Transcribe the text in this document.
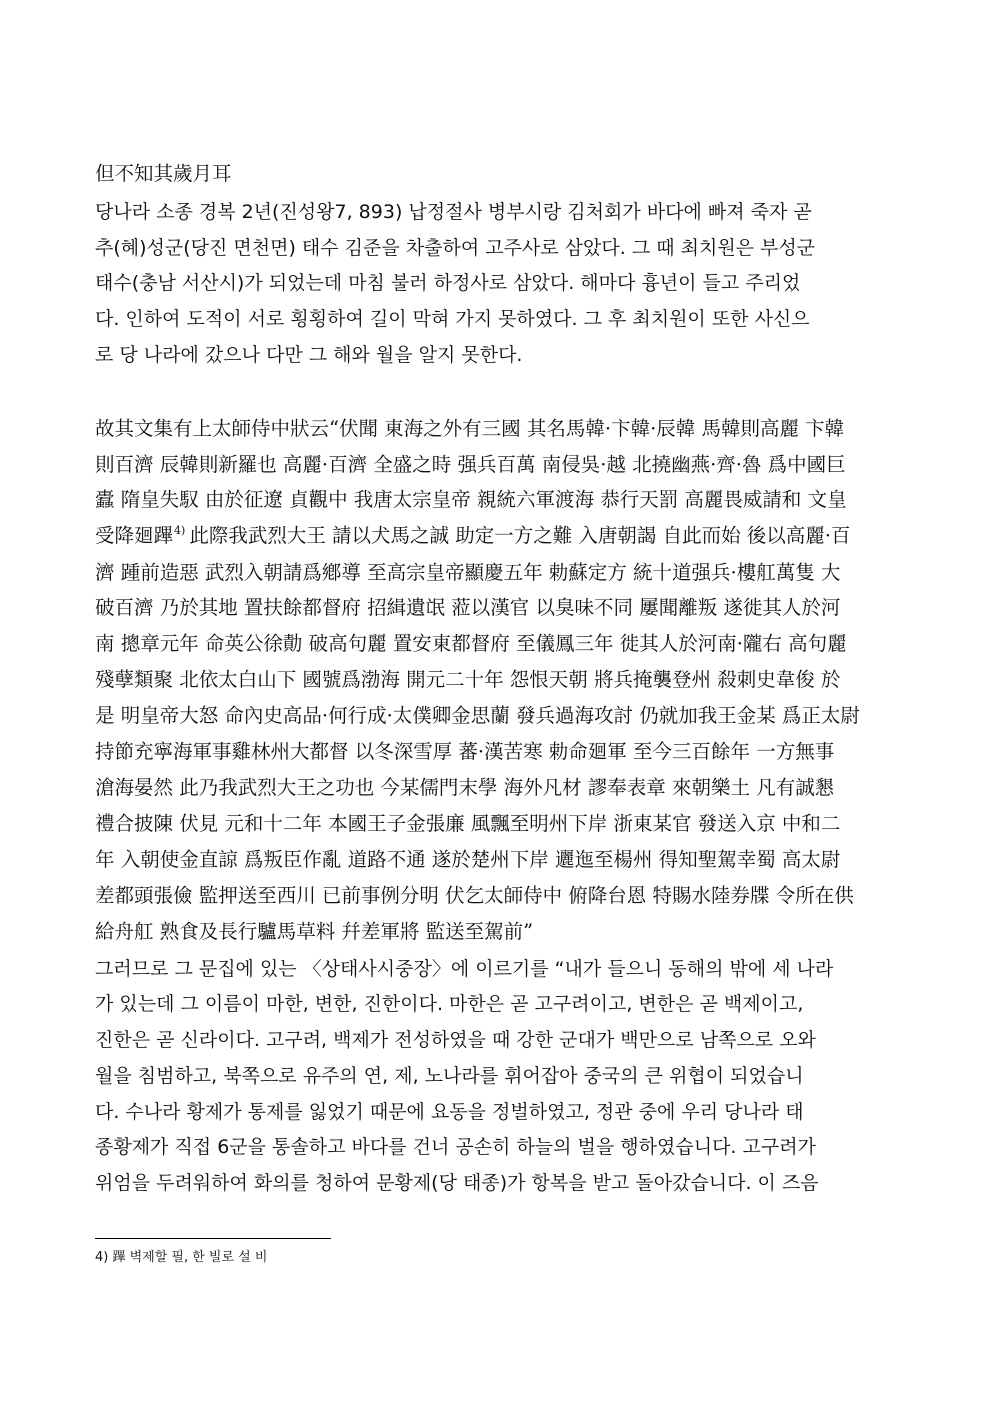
但不知其歲月耳
당나라 소종 경복 2년(진성왕7, 893) 납정절사 병부시랑 김처회가 바다에 빠져 죽자 곧
추(혜)성군(당진 면천면) 태수 김준을 차출하여 고주사로 삼았다. 그 때 최치원은 부성군
태수(충남 서산시)가 되었는데 마침 불러 하정사로 삼았다. 해마다 흉년이 들고 주리었
다. 인하여 도적이 서로 횡횡하여 길이 막혀 가지 못하였다. 그 후 최치원이 또한 사신으
로 당 나라에 갔으나 다만 그 해와 월을 알지 못한다.
故其文集有上太師侍中狀云“伏聞 東海之外有三國 其名馬韓·卞韓·辰韓 馬韓則高麗 卞韓
則百濟 辰韓則新羅也 高麗·百濟 全盛之時 强兵百萬 南侵吳·越 北撓幽燕·齊·魯 爲中國巨
蠹 隋皇失馭 由於征遼 貞觀中 我唐太宗皇帝 親統六軍渡海 恭行天罰 高麗畏威請和 文皇
受降廻蹕$^{4)}$ 此際我武烈大王 請以犬馬之誠 助定一方之難 入唐朝謁 自此而始 後以高麗·百
濟 踵前造惡 武烈入朝請爲鄕導 至高宗皇帝顯慶五年 勅蘇定方 統十道强兵·樓舡萬隻 大
破百濟 乃於其地 置扶餘都督府 招緝遺氓 蒞以漢官 以臭味不同 屢聞離叛 遂徙其人於河
南 摠章元年 命英公徐勣 破高句麗 置安東都督府 至儀鳳三年 徙其人於河南·隴右 高句麗
殘孽類聚 北依太白山下 國號爲渤海 開元二十年 怨恨天朝 將兵掩襲登州 殺刺史韋俊 於
是 明皇帝大怒 命內史高品·何行成·太僕卿金思蘭 發兵過海攻討 仍就加我王金某 爲正太尉
持節充寧海軍事雞林州大都督 以冬深雪厚 蕃·漢苦寒 勅命廻軍 至今三百餘年 一方無事
滄海晏然 此乃我武烈大王之功也 今某儒門末學 海外凡材 謬奉表章 來朝樂土 凡有誠懇
禮合披陳 伏見 元和十二年 本國王子金張廉 風飄至明州下岸 浙東某官 發送入京 中和二
年 入朝使金直諒 爲叛臣作亂 道路不通 遂於楚州下岸 邐迤至楊州 得知聖駕幸蜀 高太尉
差都頭張儉 監押送至西川 已前事例分明 伏乞太師侍中 俯降台恩 特賜水陸券牒 令所在供
給舟舡 熟食及長行驢馬草料 幷差軍將 監送至駕前”
그러므로 그 문집에 있는 〈상태사시중장〉에 이르기를 “내가 들으니 동해의 밖에 세 나라
가 있는데 그 이름이 마한, 변한, 진한이다. 마한은 곧 고구려이고, 변한은 곧 백제이고,
진한은 곧 신라이다. 고구려, 백제가 전성하였을 때 강한 군대가 백만으로 남쪽으로 오와
월을 침범하고, 북쪽으로 유주의 연, 제, 노나라를 휘어잡아 중국의 큰 위협이 되었습니
다. 수나라 황제가 통제를 잃었기 때문에 요동을 정벌하였고, 정관 중에 우리 당나라 태
종황제가 직접 6군을 통솔하고 바다를 건너 공손히 하늘의 벌을 행하였습니다. 고구려가
위엄을 두려워하여 화의를 청하여 문황제(당 태종)가 항복을 받고 돌아갔습니다. 이 즈음
4) 蹕 벽제할 필, 한 빌로 설 비
